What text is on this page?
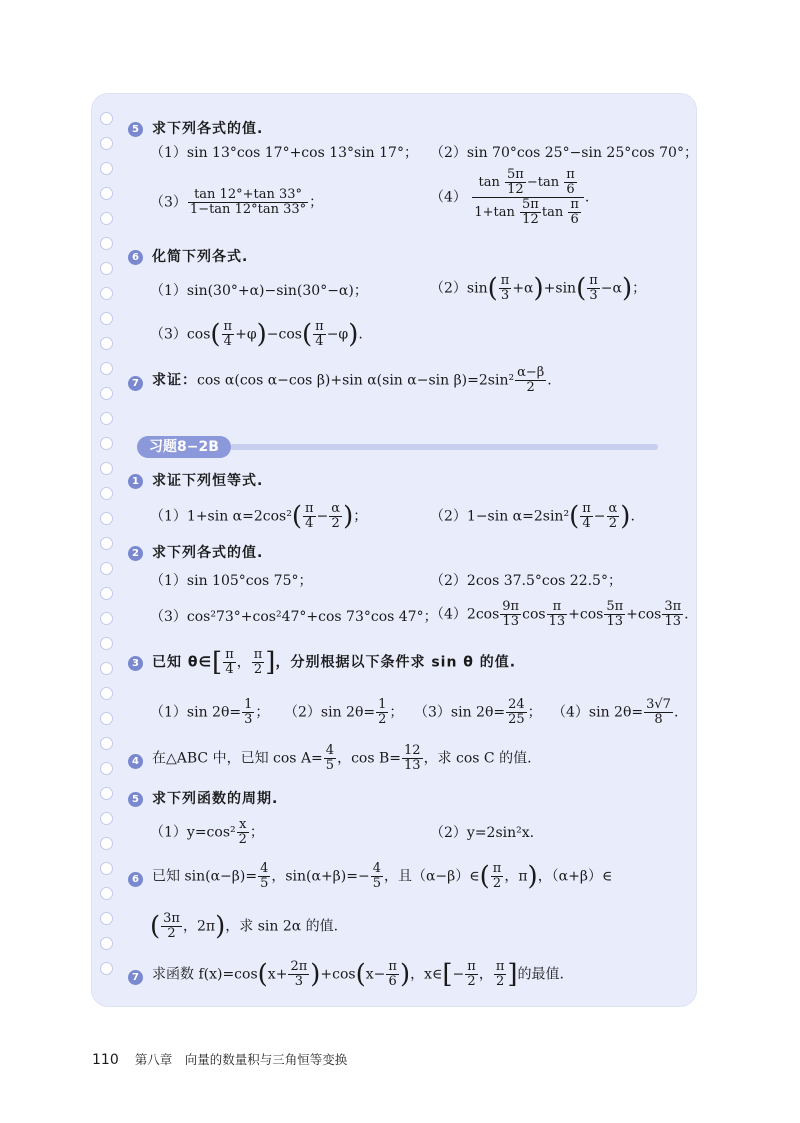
5 求下列各式的值.
（1）sin 13°cos 17°+cos 13°sin 17°； （2）sin 70°cos 25°−sin 25°cos 70°；
$(3) \frac{\tan 12^\circ+\tan 33^\circ}{1-\tan 12^\circ\tan 33^\circ}$ ；	$(4) \frac{\tan \frac{5\pi}{12} -\tan \frac{\pi}{6}}{1+\tan \frac{5\pi}{12} \tan \frac{\pi}{6}}$ .
6 化简下列各式.
（1）sin(30°+α)−sin(30°−α)；	$(2)\sin( \frac{\pi}{3} +\alpha)+\sin( \frac{\pi}{3} -\alpha)$；
$(3)\cos( \frac{\pi}{4} +\varphi)-\cos( \frac{\pi}{4} -\varphi)$.
7 求证：cos α(cos α−cos β)+sin α(sin α−sin $\beta)=2\sin^2 \frac{\alpha-\beta}{2}$ .
习题8−2B
1 求证下列恒等式.
（1）1+sin $\alpha=2\cos^2( \frac{\pi}{4} - \frac{\alpha}{2}$ )；	（2）1−sin $\alpha=2\sin^2( \frac{\pi}{4} - \frac{\alpha}{2}$ ).
2 求下列各式的值.
（1）sin 105°cos 75°；	（2）2cos 37.5°cos 22.5°；
（3）cos²73°+cos²47°+cos 73°cos 47°；
$(4)2\cos \frac{9\pi}{13}$ $\cos \frac{\pi}{13} +\cos \frac{5\pi}{13} +\cos \frac{3\pi}{13}$ .
3 已知 θ∈[ $\frac{\pi}{4}$ ， $\frac{\pi}{2}$ ]，分别根据以下条件求 sin θ 的值.
（1）sin $2\theta= \frac{1}{3}$ ； （2）sin $2\theta= \frac{1}{2}$ ； （3）sin $2\theta= \frac{24}{25}$ ； （4）sin $2\theta= \frac{3√7}{8}$ .
4 在△ABC 中，已知 $\cos A= \frac{4}{5}$ ，$\cos B= \frac{12}{13}$ ，求 cos C 的值.
5 求下列函数的周期.
$(1)y=\cos^2 \frac{x}{2}$ ；	（2）y=2sin²x.
6 已知 $\sin(\alpha-\beta)= \frac{4}{5}$ ，$\sin(\alpha+\beta)=- \frac{4}{5}$ ，且（α−β）∈( $\frac{\pi}{2}$ ，π)，（α+β）∈
( $\frac{3\pi}{2}$ ，2π)，求 sin 2α 的值.
7 求函数 $f(x)=\cos(x+ \frac{2\pi}{3} )+\cos(x- \frac{\pi}{6}$ )，x∈[− $\frac{\pi}{2}$ ， $\frac{\pi}{2}$ ]的最值.
110 第八章　向量的数量积与三角恒等变换
